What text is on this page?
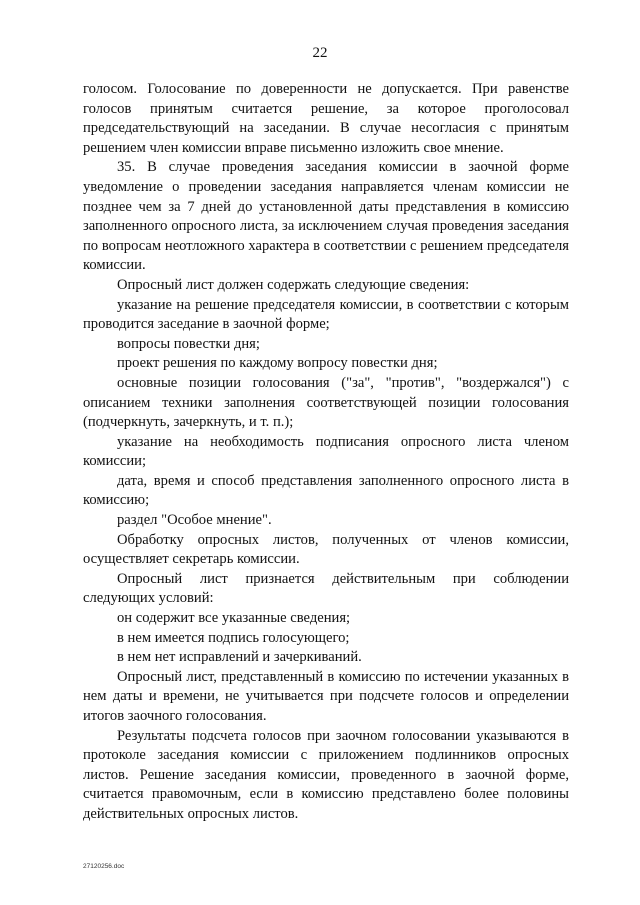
22

голосом. Голосование по доверенности не допускается. При равенстве голосов принятым считается решение, за которое проголосовал председательствующий на заседании. В случае несогласия с принятым решением член комиссии вправе письменно изложить свое мнение.

35. В случае проведения заседания комиссии в заочной форме уведомление о проведении заседания направляется членам комиссии не позднее чем за 7 дней до установленной даты представления в комиссию заполненного опросного листа, за исключением случая проведения заседания по вопросам неотложного характера в соответствии с решением председателя комиссии.

Опросный лист должен содержать следующие сведения:

указание на решение председателя комиссии, в соответствии с которым проводится заседание в заочной форме;

вопросы повестки дня;

проект решения по каждому вопросу повестки дня;

основные позиции голосования ("за", "против", "воздержался") с описанием техники заполнения соответствующей позиции голосования (подчеркнуть, зачеркнуть, и т. п.);

указание на необходимость подписания опросного листа членом комиссии;

дата, время и способ представления заполненного опросного листа в комиссию;

раздел "Особое мнение".

Обработку опросных листов, полученных от членов комиссии, осуществляет секретарь комиссии.

Опросный лист признается действительным при соблюдении следующих условий:

он содержит все указанные сведения;

в нем имеется подпись голосующего;

в нем нет исправлений и зачеркиваний.

Опросный лист, представленный в комиссию по истечении указанных в нем даты и времени, не учитывается при подсчете голосов и определении итогов заочного голосования.

Результаты подсчета голосов при заочном голосовании указываются в протоколе заседания комиссии с приложением подлинников опросных листов. Решение заседания комиссии, проведенного в заочной форме, считается правомочным, если в комиссию представлено более половины действительных опросных листов.

27120256.doc
